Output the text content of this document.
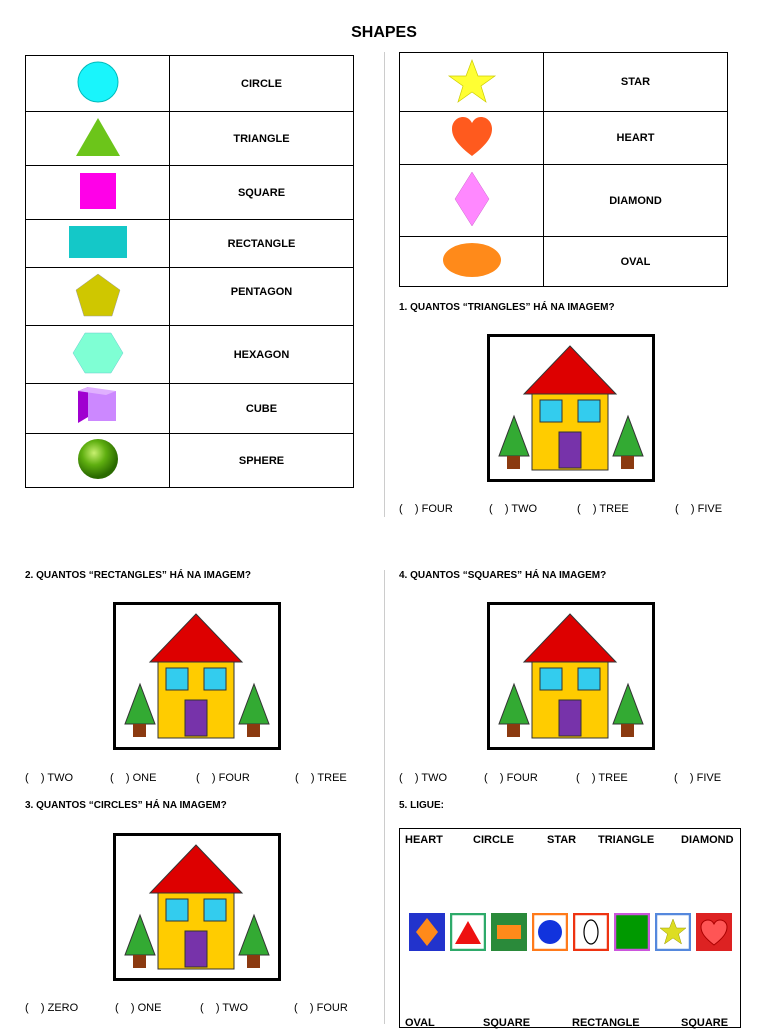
SHAPES
	CIRCLE
	TRIANGLE
	SQUARE
	RECTANGLE
	PENTAGON
	HEXAGON
	CUBE
	SPHERE
	STAR
	HEART
	DIAMOND
	OVAL
1. QUANTOS “TRIANGLES” HÁ NA IMAGEM?
(    ) FOUR	(    ) TWO	(    ) TREE	(    ) FIVE
2. QUANTOS “RECTANGLES” HÁ NA IMAGEM?
(    ) TWO	(    ) ONE	(    ) FOUR	(    ) TREE
4. QUANTOS “SQUARES” HÁ NA IMAGEM?
(    ) TWO	(    ) FOUR	(    ) TREE	(    ) FIVE
3. QUANTOS “CIRCLES” HÁ NA IMAGEM?
(    ) ZERO	(    ) ONE	(    ) TWO	(    ) FOUR
5. LIGUE:
HEART	CIRCLE	STAR TRIANGLE DIAMOND
OVAL	SQUARE	RECTANGLE	SQUARE
